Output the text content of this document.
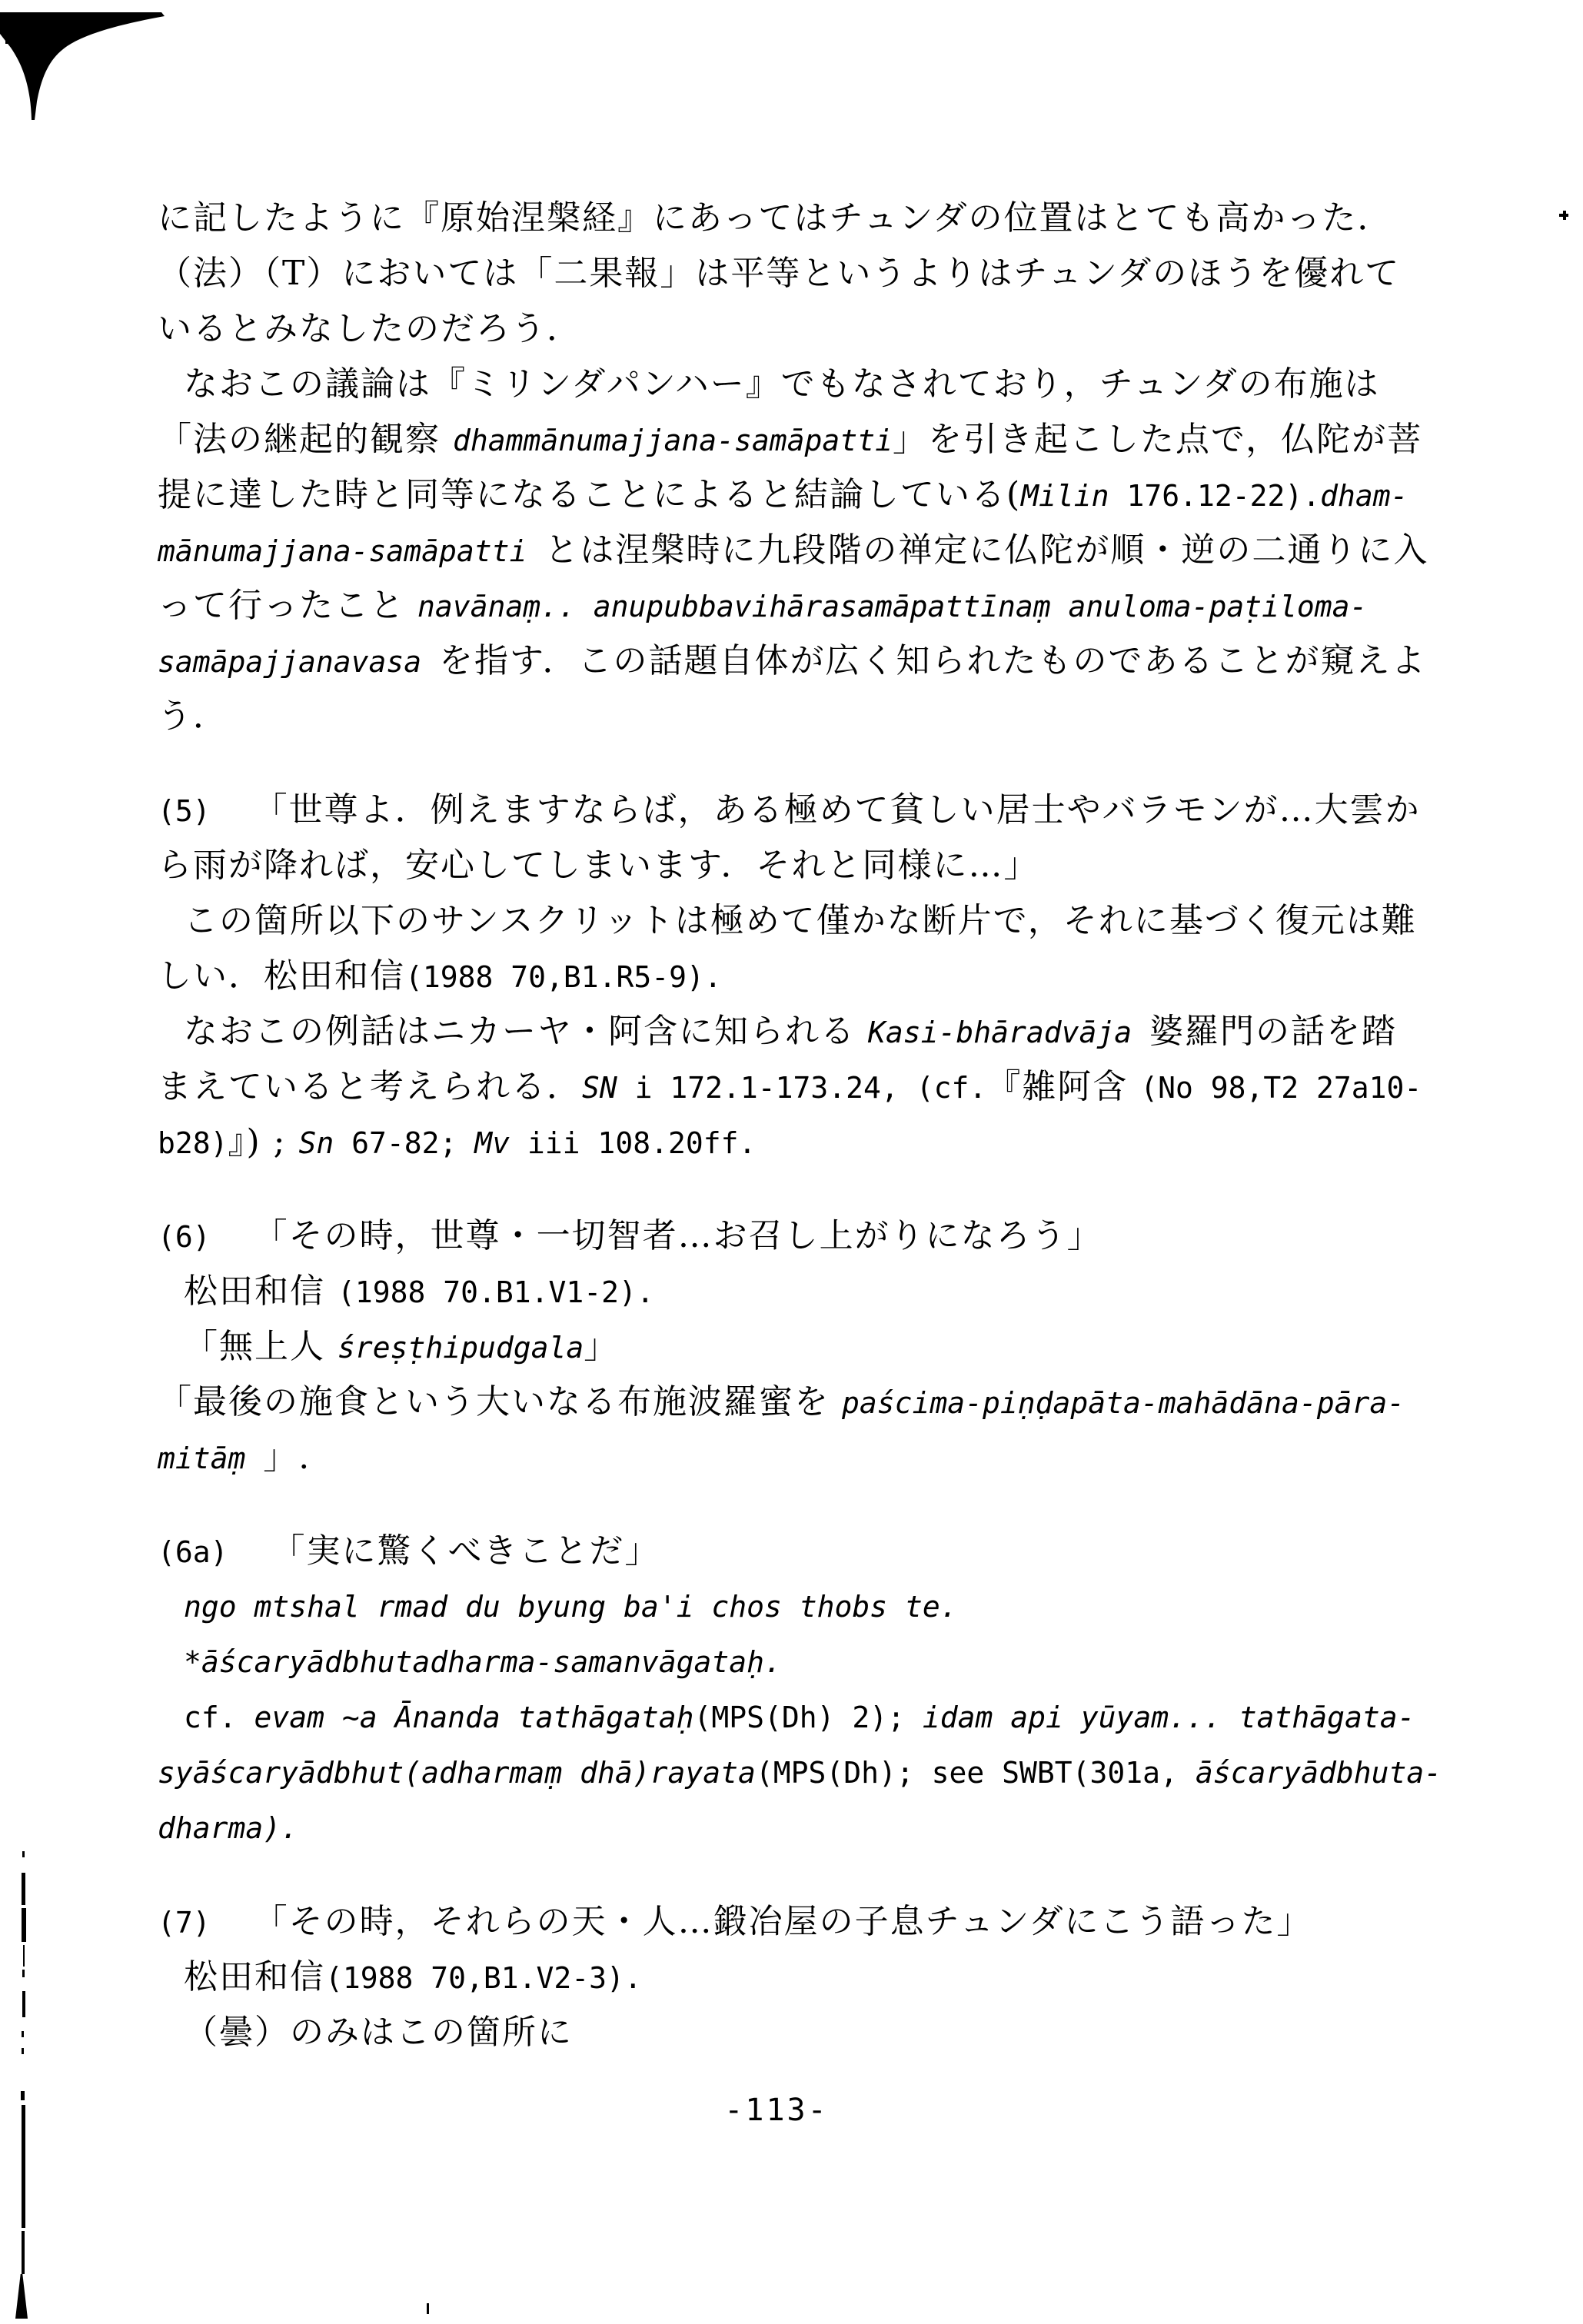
に記したように『原始涅槃経』にあってはチュンダの位置はとても高かった．
（法）（T）においては「二果報」は平等というよりはチュンダのほうを優れて
いるとみなしたのだろう．
なおこの議論は『ミリンダパンハー』でもなされており，チュンダの布施は
「法の継起的観察 dhammānumajjana-samāpatti」を引き起こした点で，仏陀が菩
提に達した時と同等になることによると結論している(Milin 176.12-22).dham-
mānumajjana-samāpatti とは涅槃時に九段階の禅定に仏陀が順・逆の二通りに入
って行ったこと navānaṃ.. anupubbavihārasamāpattīnaṃ anuloma-paṭiloma-
samāpajjanavasa を指す．この話題自体が広く知られたものであることが窺えよ
う．
(5) 「世尊よ．例えますならば，ある極めて貧しい居士やバラモンが…大雲か
ら雨が降れば，安心してしまいます．それと同様に…」
この箇所以下のサンスクリットは極めて僅かな断片で，それに基づく復元は難
しい．松田和信(1988 70,B1.R5-9).
なおこの例話はニカーヤ・阿含に知られる Kasi-bhāradvāja 婆羅門の話を踏
まえていると考えられる．SN i 172.1-173.24, (cf.『雑阿含 (No 98,T2 27a10-
b28)』) ; Sn 67-82; Mv iii 108.20ff.
(6) 「その時，世尊・一切智者…お召し上がりになろう」
松田和信 (1988 70.B1.V1-2).
「無上人 śreṣṭhipudgala」
「最後の施食という大いなる布施波羅蜜を paścima-piṇḍapāta-mahādāna-pāra-
mitāṃ 」.
(6a) 「実に驚くべきことだ」
ngo mtshal rmad du byung ba'i chos thobs te.
*āścaryādbhutadharma-samanvāgataḥ.
cf. evam ~a Ānanda tathāgataḥ(MPS(Dh) 2); idam api yūyam... tathāgata-
syāścaryādbhut(adharmaṃ dhā)rayata(MPS(Dh); see SWBT(301a, āścaryādbhuta-
dharma).
(7) 「その時，それらの天・人…鍛冶屋の子息チュンダにこう語った」
松田和信(1988 70,B1.V2-3).
（曇）のみはこの箇所に
-113-
